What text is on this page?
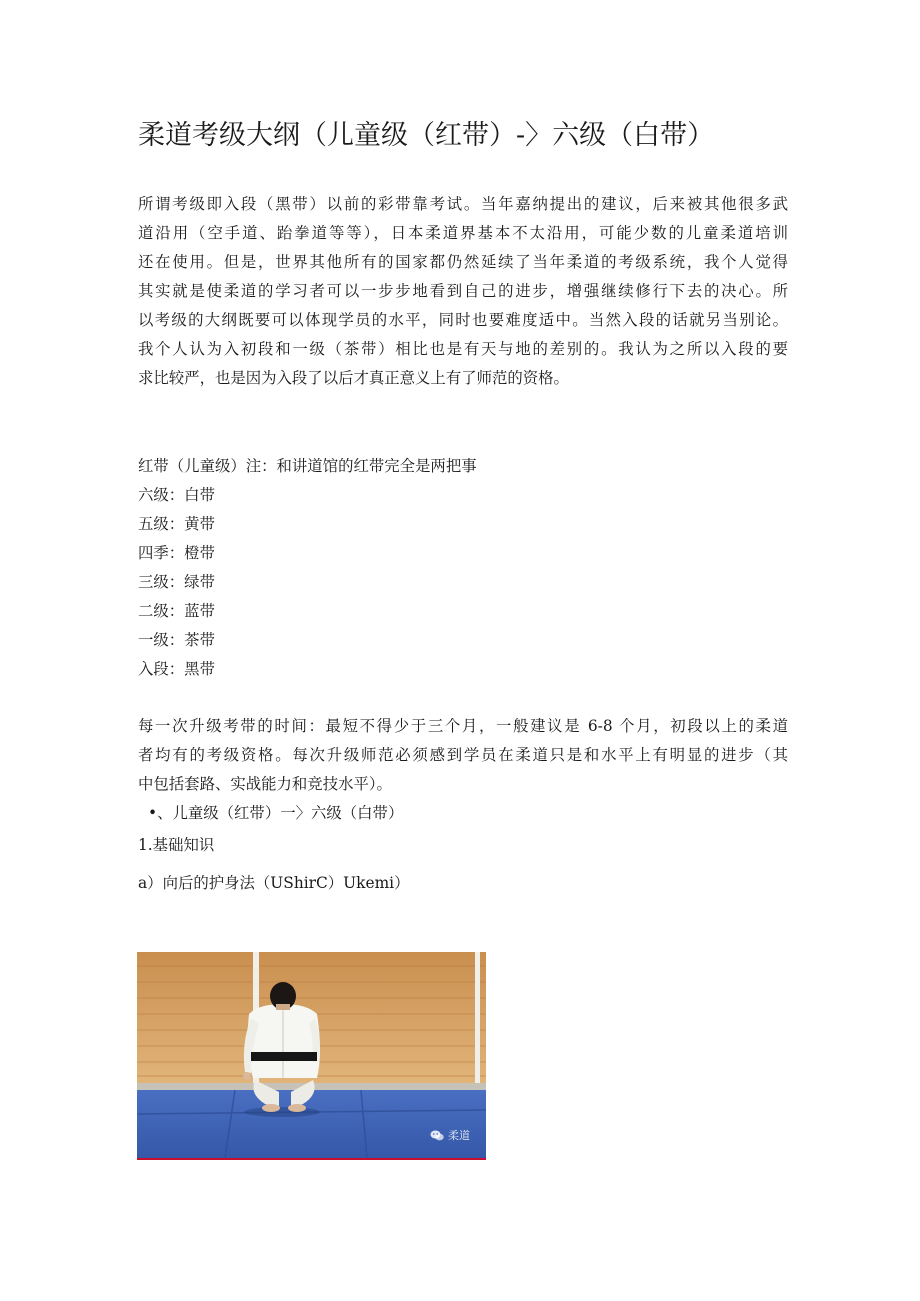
柔道考级大纲（儿童级（红带）-〉六级（白带）
所谓考级即入段（黑带）以前的彩带靠考试。当年嘉纳提出的建议，后来被其他很多武
道沿用（空手道、跆拳道等等），日本柔道界基本不太沿用，可能少数的儿童柔道培训
还在使用。但是，世界其他所有的国家都仍然延续了当年柔道的考级系统，我个人觉得
其实就是使柔道的学习者可以一步步地看到自己的进步，增强继续修行下去的决心。所
以考级的大纲既要可以体现学员的水平，同时也要难度适中。当然入段的话就另当别论。
我个人认为入初段和一级（茶带）相比也是有天与地的差别的。我认为之所以入段的要
求比较严，也是因为入段了以后才真正意义上有了师范的资格。
红带（儿童级）注：和讲道馆的红带完全是两把事
六级：白带
五级：黄带
四季：橙带
三级：绿带
二级：蓝带
一级：茶带
入段：黑带
每一次升级考带的时间：最短不得少于三个月，一般建议是 6-8 个月，初段以上的柔道
者均有的考级资格。每次升级师范必须感到学员在柔道只是和水平上有明显的进步（其
中包括套路、实战能力和竞技水平）。
•、儿童级（红带）一〉六级（白带）
1.基础知识
a）向后的护身法（UShirC）Ukemi）
柔道
